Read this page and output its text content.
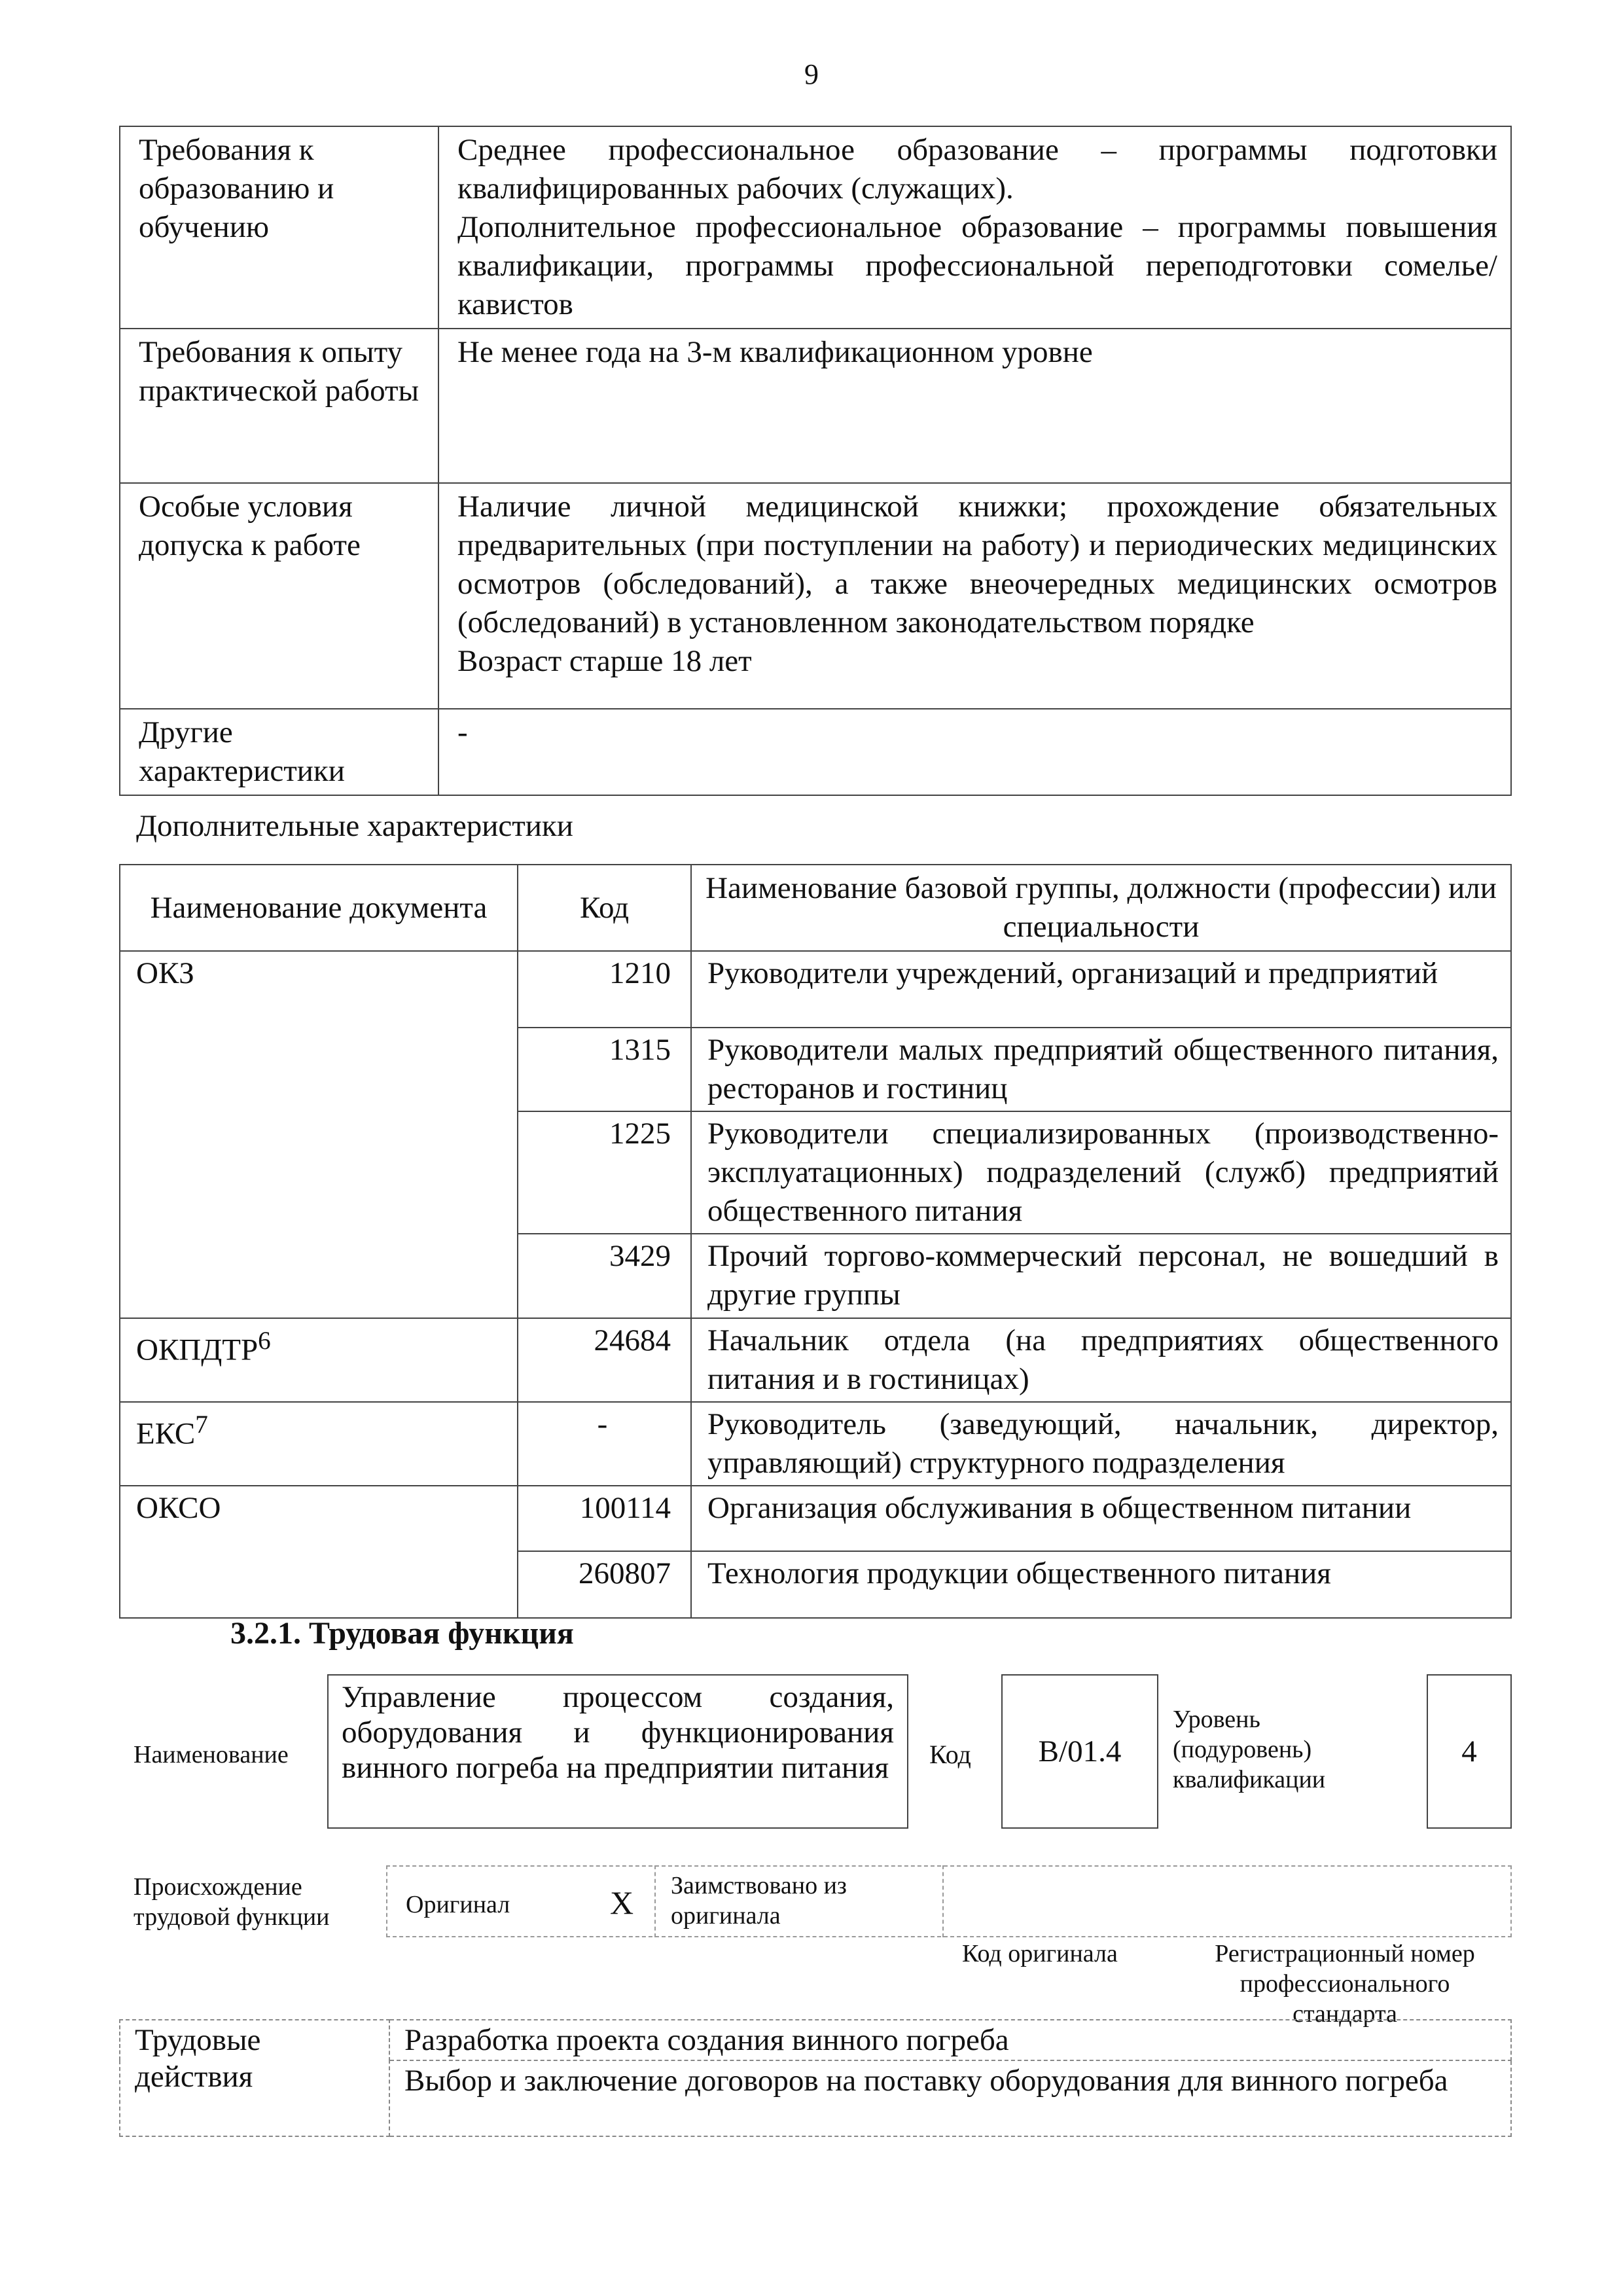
9
Требования к образованию и обучению	Среднее профессиональное образование – программы подготовки квалифицированных рабочих (служащих).
Дополнительное профессиональное образование – программы повышения квалификации, программы профессиональной переподготовки сомелье/кавистов

Требования к опыту практической работы	Не менее года на 3-м квалификационном уровне
Особые условия допуска к работе	Наличие личной медицинской книжки; прохождение обязательных предварительных (при поступлении на работу) и периодических медицинских осмотров (обследований), а также внеочередных медицинских осмотров (обследований) в установленном законодательством порядке
Возраст старше 18 лет

Другие характеристики	-
Дополнительные характеристики
Наименование документа	Код	Наименование базовой группы, должности (профессии) или специальности
ОКЗ	1210	Руководители учреждений, организаций и предприятий
	1315	Руководители малых предприятий общественного питания, ресторанов и гостиниц
	1225	Руководители специализированных (производственно-эксплуатационных) подразделений (служб) предприятий общественного питания
	3429	Прочий торгово-коммерческий персонал, не вошедший в другие группы
ОКПДТР$^6$	24684	Начальник отдела (на предприятиях общественного питания и в гостиницах)
ЕКС$^7$	-	Руководитель (заведующий, начальник, директор, управляющий) структурного подразделения
ОКСО	100114	Организация обслуживания в общественном питании
	260807	Технология продукции общественного питания
3.2.1. Трудовая функция
Наименование
Управление процессом создания, оборудования и функционирования винного погреба на предприятии питания	Код	B/01.4
Уровень (подуровень) квалификации
4
Происхождение трудовой функции	Оригинал	X Заимствовано из оригинала
Код оригинала	Регистрационный номер профессионального стандарта
Трудовые действия	Разработка проекта создания винного погреба
Выбор и заключение договоров на поставку оборудования для винного погреба
